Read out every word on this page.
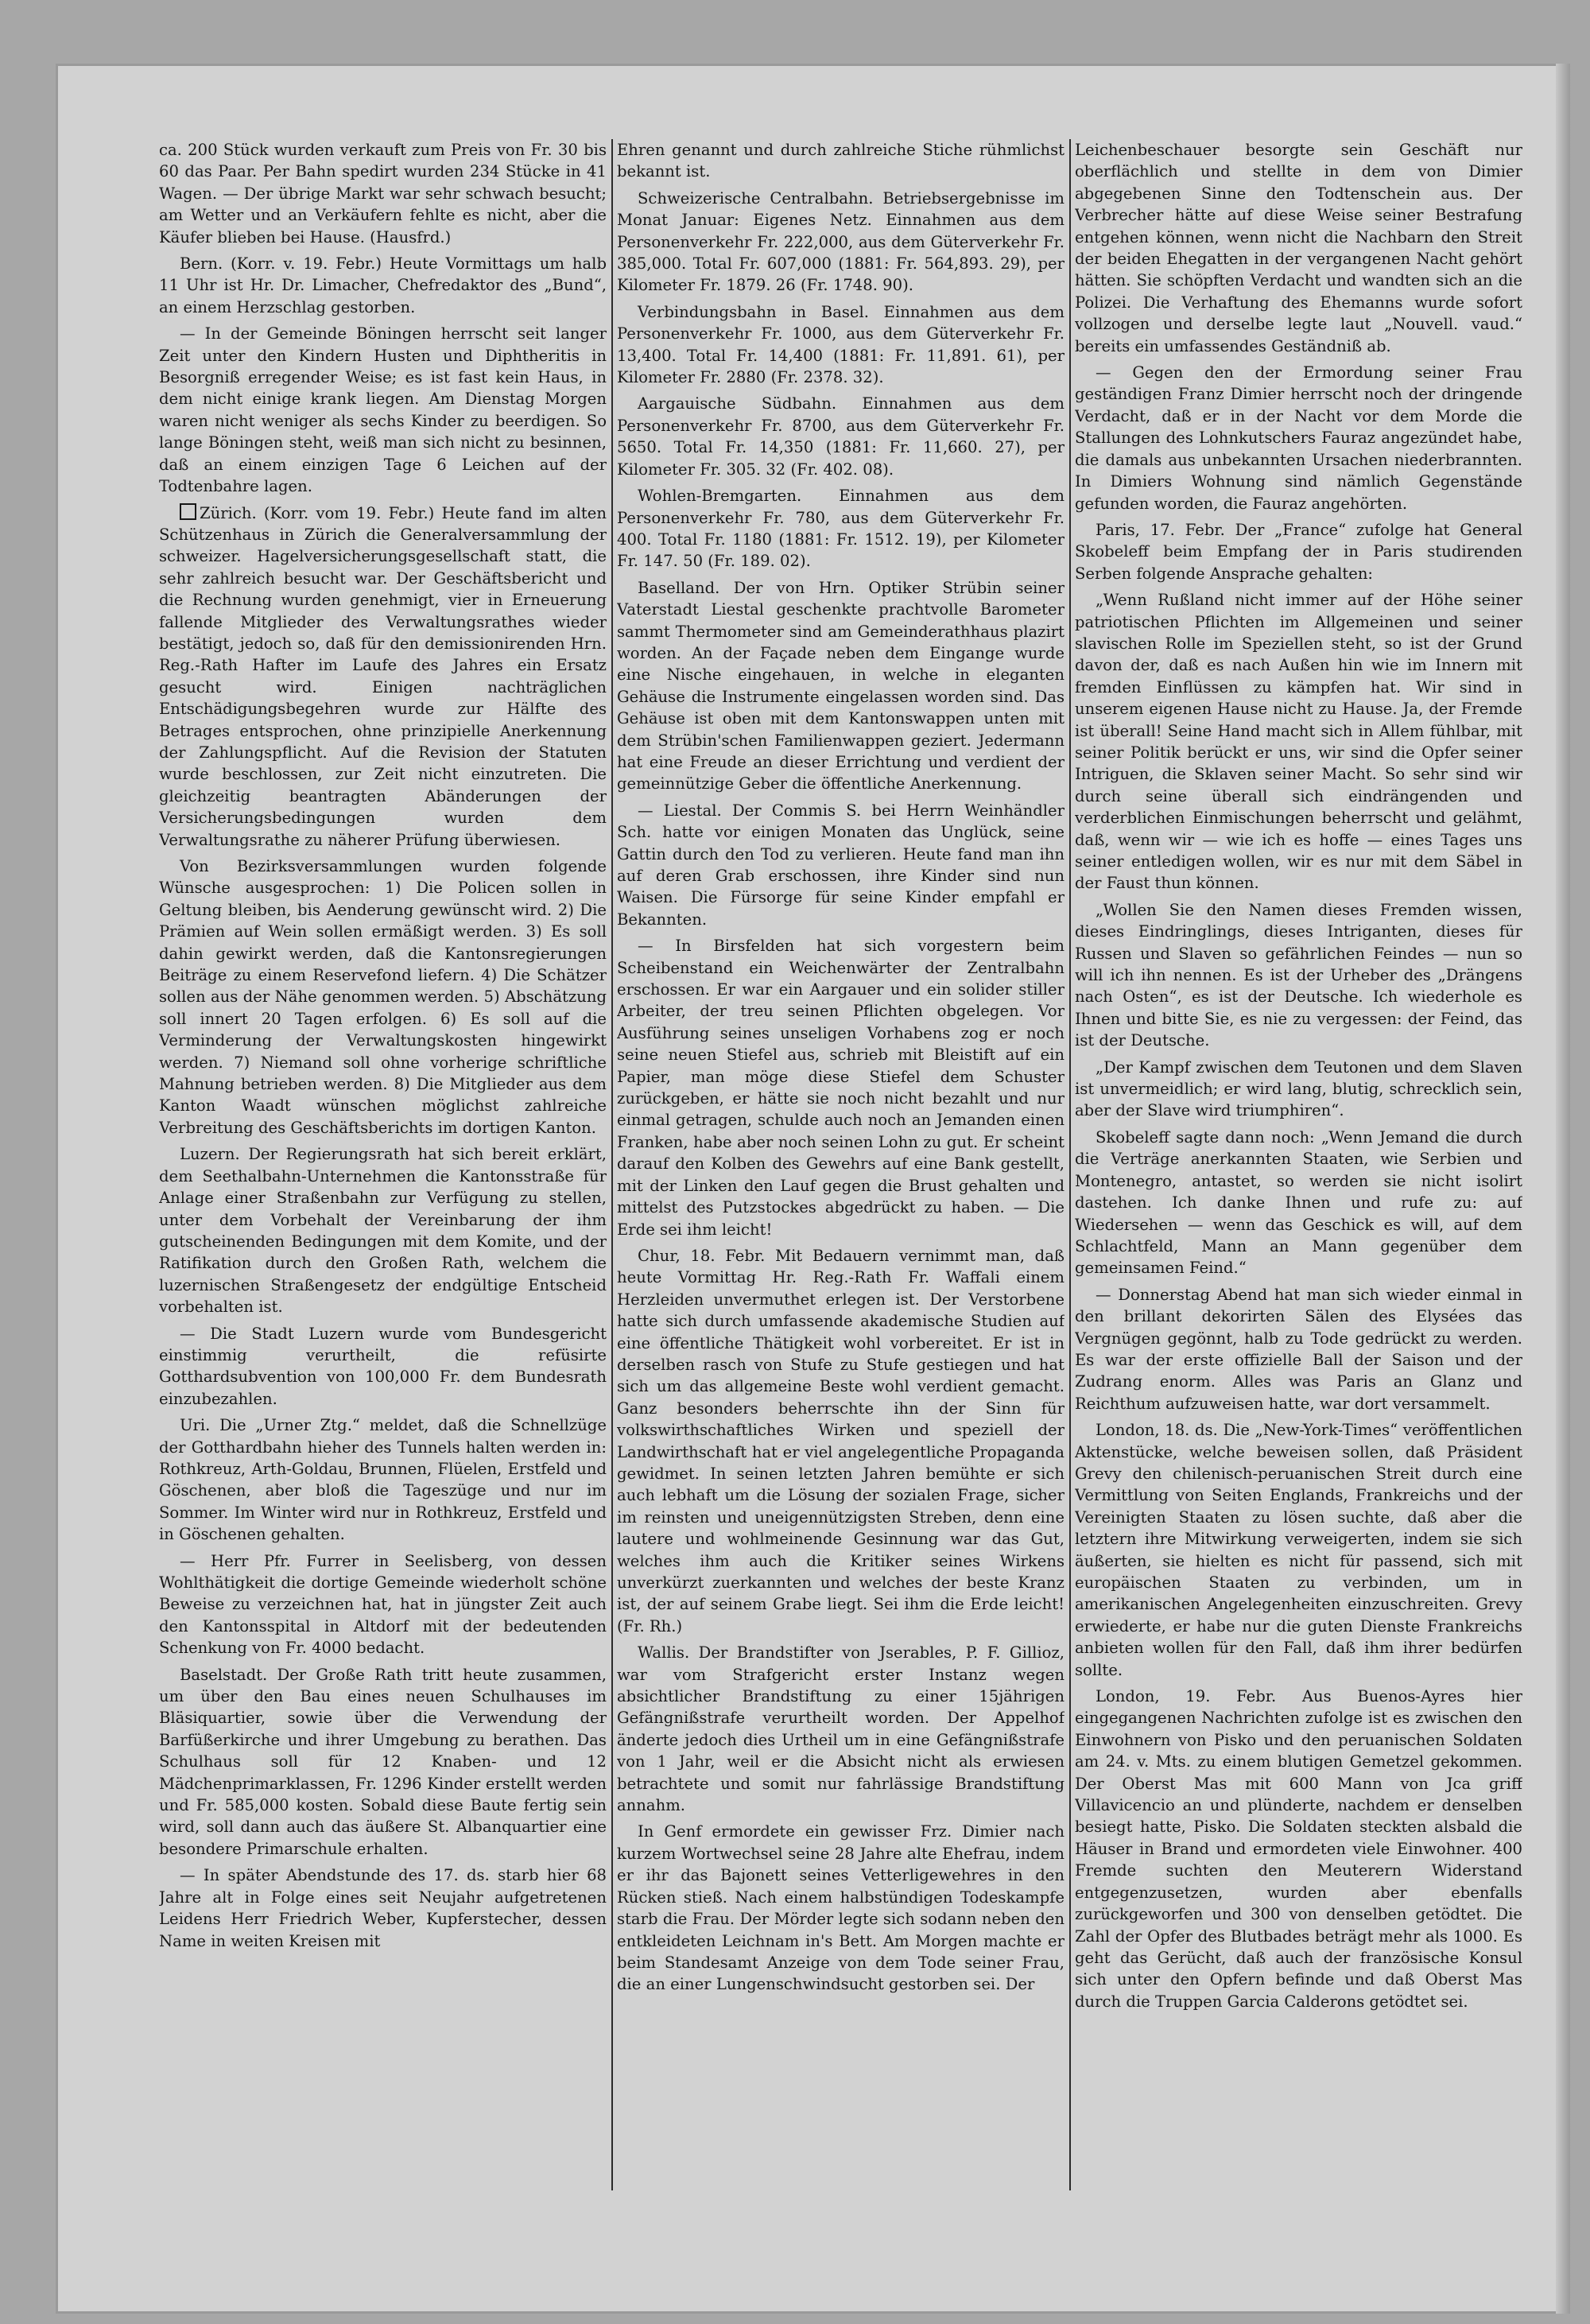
ca. 200 Stück wurden verkauft zum Preis von Fr. 30 bis 60 das Paar. Per Bahn spedirt wurden 234 Stücke in 41 Wagen. — Der übrige Markt war sehr schwach besucht; am Wetter und an Verkäufern fehlte es nicht, aber die Käufer blieben bei Hause. (Hausfrd.)

Bern. (Korr. v. 19. Febr.) Heute Vormittags um halb 11 Uhr ist Hr. Dr. Limacher, Chefredaktor des „Bund“, an einem Herzschlag gestorben.

— In der Gemeinde Böningen herrscht seit langer Zeit unter den Kindern Husten und Diphtheritis in Besorgniß erregender Weise; es ist fast kein Haus, in dem nicht einige krank liegen. Am Dienstag Morgen waren nicht weniger als sechs Kinder zu beerdigen. So lange Böningen steht, weiß man sich nicht zu besinnen, daß an einem einzigen Tage 6 Leichen auf der Todtenbahre lagen.

Zürich. (Korr. vom 19. Febr.) Heute fand im alten Schützenhaus in Zürich die Generalversammlung der schweizer. Hagelversicherungsgesellschaft statt, die sehr zahlreich besucht war. Der Geschäftsbericht und die Rechnung wurden genehmigt, vier in Erneuerung fallende Mitglieder des Verwaltungsrathes wieder bestätigt, jedoch so, daß für den demissionirenden Hrn. Reg.-Rath Hafter im Laufe des Jahres ein Ersatz gesucht wird. Einigen nachträglichen Entschädigungsbegehren wurde zur Hälfte des Betrages entsprochen, ohne prinzipielle Anerkennung der Zahlungspflicht. Auf die Revision der Statuten wurde beschlossen, zur Zeit nicht einzutreten. Die gleichzeitig beantragten Abänderungen der Versicherungsbedingungen wurden dem Verwaltungsrathe zu näherer Prüfung überwiesen.

Von Bezirksversammlungen wurden folgende Wünsche ausgesprochen: 1) Die Policen sollen in Geltung bleiben, bis Aenderung gewünscht wird. 2) Die Prämien auf Wein sollen ermäßigt werden. 3) Es soll dahin gewirkt werden, daß die Kantonsregierungen Beiträge zu einem Reservefond liefern. 4) Die Schätzer sollen aus der Nähe genommen werden. 5) Abschätzung soll innert 20 Tagen erfolgen. 6) Es soll auf die Verminderung der Verwaltungskosten hingewirkt werden. 7) Niemand soll ohne vorherige schriftliche Mahnung betrieben werden. 8) Die Mitglieder aus dem Kanton Waadt wünschen möglichst zahlreiche Verbreitung des Geschäftsberichts im dortigen Kanton.

Luzern. Der Regierungsrath hat sich bereit erklärt, dem Seethalbahn-Unternehmen die Kantonsstraße für Anlage einer Straßenbahn zur Verfügung zu stellen, unter dem Vorbehalt der Vereinbarung der ihm gutscheinenden Bedingungen mit dem Komite, und der Ratifikation durch den Großen Rath, welchem die luzernischen Straßengesetz der endgültige Entscheid vorbehalten ist.

— Die Stadt Luzern wurde vom Bundesgericht einstimmig verurtheilt, die refüsirte Gotthardsubvention von 100,000 Fr. dem Bundesrath einzubezahlen.

Uri. Die „Urner Ztg.“ meldet, daß die Schnellzüge der Gotthardbahn hieher des Tunnels halten werden in: Rothkreuz, Arth-Goldau, Brunnen, Flüelen, Erstfeld und Göschenen, aber bloß die Tageszüge und nur im Sommer. Im Winter wird nur in Rothkreuz, Erstfeld und in Göschenen gehalten.

— Herr Pfr. Furrer in Seelisberg, von dessen Wohlthätigkeit die dortige Gemeinde wiederholt schöne Beweise zu verzeichnen hat, hat in jüngster Zeit auch den Kantonsspital in Altdorf mit der bedeutenden Schenkung von Fr. 4000 bedacht.

Baselstadt. Der Große Rath tritt heute zusammen, um über den Bau eines neuen Schulhauses im Bläsiquartier, sowie über die Verwendung der Barfüßerkirche und ihrer Umgebung zu berathen. Das Schulhaus soll für 12 Knaben- und 12 Mädchenprimarklassen, Fr. 1296 Kinder erstellt werden und Fr. 585,000 kosten. Sobald diese Baute fertig sein wird, soll dann auch das äußere St. Albanquartier eine besondere Primarschule erhalten.

— In später Abendstunde des 17. ds. starb hier 68 Jahre alt in Folge eines seit Neujahr aufgetretenen Leidens Herr Friedrich Weber, Kupferstecher, dessen Name in weiten Kreisen mit

Ehren genannt und durch zahlreiche Stiche rühmlichst bekannt ist.

Schweizerische Centralbahn. Betriebsergebnisse im Monat Januar: Eigenes Netz. Einnahmen aus dem Personenverkehr Fr. 222,000, aus dem Güterverkehr Fr. 385,000. Total Fr. 607,000 (1881: Fr. 564,893. 29), per Kilometer Fr. 1879. 26 (Fr. 1748. 90).

Verbindungsbahn in Basel. Einnahmen aus dem Personenverkehr Fr. 1000, aus dem Güterverkehr Fr. 13,400. Total Fr. 14,400 (1881: Fr. 11,891. 61), per Kilometer Fr. 2880 (Fr. 2378. 32).

Aargauische Südbahn. Einnahmen aus dem Personenverkehr Fr. 8700, aus dem Güterverkehr Fr. 5650. Total Fr. 14,350 (1881: Fr. 11,660. 27), per Kilometer Fr. 305. 32 (Fr. 402. 08).

Wohlen-Bremgarten. Einnahmen aus dem Personenverkehr Fr. 780, aus dem Güterverkehr Fr. 400. Total Fr. 1180 (1881: Fr. 1512. 19), per Kilometer Fr. 147. 50 (Fr. 189. 02).

Baselland. Der von Hrn. Optiker Strübin seiner Vaterstadt Liestal geschenkte prachtvolle Barometer sammt Thermometer sind am Gemeinderathhaus plazirt worden. An der Façade neben dem Eingange wurde eine Nische eingehauen, in welche in eleganten Gehäuse die Instrumente eingelassen worden sind. Das Gehäuse ist oben mit dem Kantonswappen unten mit dem Strübin'schen Familienwappen geziert. Jedermann hat eine Freude an dieser Errichtung und verdient der gemeinnützige Geber die öffentliche Anerkennung.

— Liestal. Der Commis S. bei Herrn Weinhändler Sch. hatte vor einigen Monaten das Unglück, seine Gattin durch den Tod zu verlieren. Heute fand man ihn auf deren Grab erschossen, ihre Kinder sind nun Waisen. Die Fürsorge für seine Kinder empfahl er Bekannten.

— In Birsfelden hat sich vorgestern beim Scheibenstand ein Weichenwärter der Zentralbahn erschossen. Er war ein Aargauer und ein solider stiller Arbeiter, der treu seinen Pflichten obgelegen. Vor Ausführung seines unseligen Vorhabens zog er noch seine neuen Stiefel aus, schrieb mit Bleistift auf ein Papier, man möge diese Stiefel dem Schuster zurückgeben, er hätte sie noch nicht bezahlt und nur einmal getragen, schulde auch noch an Jemanden einen Franken, habe aber noch seinen Lohn zu gut. Er scheint darauf den Kolben des Gewehrs auf eine Bank gestellt, mit der Linken den Lauf gegen die Brust gehalten und mittelst des Putzstockes abgedrückt zu haben. — Die Erde sei ihm leicht!

Chur, 18. Febr. Mit Bedauern vernimmt man, daß heute Vormittag Hr. Reg.-Rath Fr. Waffali einem Herzleiden unvermuthet erlegen ist. Der Verstorbene hatte sich durch umfassende akademische Studien auf eine öffentliche Thätigkeit wohl vorbereitet. Er ist in derselben rasch von Stufe zu Stufe gestiegen und hat sich um das allgemeine Beste wohl verdient gemacht. Ganz besonders beherrschte ihn der Sinn für volkswirthschaftliches Wirken und speziell der Landwirthschaft hat er viel angelegentliche Propaganda gewidmet. In seinen letzten Jahren bemühte er sich auch lebhaft um die Lösung der sozialen Frage, sicher im reinsten und uneigennützigsten Streben, denn eine lautere und wohlmeinende Gesinnung war das Gut, welches ihm auch die Kritiker seines Wirkens unverkürzt zuerkannten und welches der beste Kranz ist, der auf seinem Grabe liegt. Sei ihm die Erde leicht! (Fr. Rh.)

Wallis. Der Brandstifter von Jserables, P. F. Gillioz, war vom Strafgericht erster Instanz wegen absichtlicher Brandstiftung zu einer 15jährigen Gefängnißstrafe verurtheilt worden. Der Appelhof änderte jedoch dies Urtheil um in eine Gefängnißstrafe von 1 Jahr, weil er die Absicht nicht als erwiesen betrachtete und somit nur fahrlässige Brandstiftung annahm.

In Genf ermordete ein gewisser Frz. Dimier nach kurzem Wortwechsel seine 28 Jahre alte Ehefrau, indem er ihr das Bajonett seines Vetterligewehres in den Rücken stieß. Nach einem halbstündigen Todeskampfe starb die Frau. Der Mörder legte sich sodann neben den entkleideten Leichnam in's Bett. Am Morgen machte er beim Standesamt Anzeige von dem Tode seiner Frau, die an einer Lungenschwindsucht gestorben sei. Der

Leichenbeschauer besorgte sein Geschäft nur oberflächlich und stellte in dem von Dimier abgegebenen Sinne den Todtenschein aus. Der Verbrecher hätte auf diese Weise seiner Bestrafung entgehen können, wenn nicht die Nachbarn den Streit der beiden Ehegatten in der vergangenen Nacht gehört hätten. Sie schöpften Verdacht und wandten sich an die Polizei. Die Verhaftung des Ehemanns wurde sofort vollzogen und derselbe legte laut „Nouvell. vaud.“ bereits ein umfassendes Geständniß ab.

— Gegen den der Ermordung seiner Frau geständigen Franz Dimier herrscht noch der dringende Verdacht, daß er in der Nacht vor dem Morde die Stallungen des Lohnkutschers Fauraz angezündet habe, die damals aus unbekannten Ursachen niederbrannten. In Dimiers Wohnung sind nämlich Gegenstände gefunden worden, die Fauraz angehörten.

Paris, 17. Febr. Der „France“ zufolge hat General Skobeleff beim Empfang der in Paris studirenden Serben folgende Ansprache gehalten:

„Wenn Rußland nicht immer auf der Höhe seiner patriotischen Pflichten im Allgemeinen und seiner slavischen Rolle im Speziellen steht, so ist der Grund davon der, daß es nach Außen hin wie im Innern mit fremden Einflüssen zu kämpfen hat. Wir sind in unserem eigenen Hause nicht zu Hause. Ja, der Fremde ist überall! Seine Hand macht sich in Allem fühlbar, mit seiner Politik berückt er uns, wir sind die Opfer seiner Intriguen, die Sklaven seiner Macht. So sehr sind wir durch seine überall sich eindrängenden und verderblichen Einmischungen beherrscht und gelähmt, daß, wenn wir — wie ich es hoffe — eines Tages uns seiner entledigen wollen, wir es nur mit dem Säbel in der Faust thun können.

„Wollen Sie den Namen dieses Fremden wissen, dieses Eindringlings, dieses Intriganten, dieses für Russen und Slaven so gefährlichen Feindes — nun so will ich ihn nennen. Es ist der Urheber des „Drängens nach Osten“, es ist der Deutsche. Ich wiederhole es Ihnen und bitte Sie, es nie zu vergessen: der Feind, das ist der Deutsche.

„Der Kampf zwischen dem Teutonen und dem Slaven ist unvermeidlich; er wird lang, blutig, schrecklich sein, aber der Slave wird triumphiren“.

Skobeleff sagte dann noch: „Wenn Jemand die durch die Verträge anerkannten Staaten, wie Serbien und Montenegro, antastet, so werden sie nicht isolirt dastehen. Ich danke Ihnen und rufe zu: auf Wiedersehen — wenn das Geschick es will, auf dem Schlachtfeld, Mann an Mann gegenüber dem gemeinsamen Feind.“

— Donnerstag Abend hat man sich wieder einmal in den brillant dekorirten Sälen des Elysées das Vergnügen gegönnt, halb zu Tode gedrückt zu werden. Es war der erste offizielle Ball der Saison und der Zudrang enorm. Alles was Paris an Glanz und Reichthum aufzuweisen hatte, war dort versammelt.

London, 18. ds. Die „New-York-Times“ veröffentlichen Aktenstücke, welche beweisen sollen, daß Präsident Grevy den chilenisch-peruanischen Streit durch eine Vermittlung von Seiten Englands, Frankreichs und der Vereinigten Staaten zu lösen suchte, daß aber die letztern ihre Mitwirkung verweigerten, indem sie sich äußerten, sie hielten es nicht für passend, sich mit europäischen Staaten zu verbinden, um in amerikanischen Angelegenheiten einzuschreiten. Grevy erwiederte, er habe nur die guten Dienste Frankreichs anbieten wollen für den Fall, daß ihm ihrer bedürfen sollte.

London, 19. Febr. Aus Buenos-Ayres hier eingegangenen Nachrichten zufolge ist es zwischen den Einwohnern von Pisko und den peruanischen Soldaten am 24. v. Mts. zu einem blutigen Gemetzel gekommen. Der Oberst Mas mit 600 Mann von Jca griff Villavicencio an und plünderte, nachdem er denselben besiegt hatte, Pisko. Die Soldaten steckten alsbald die Häuser in Brand und ermordeten viele Einwohner. 400 Fremde suchten den Meuterern Widerstand entgegenzusetzen, wurden aber ebenfalls zurückgeworfen und 300 von denselben getödtet. Die Zahl der Opfer des Blutbades beträgt mehr als 1000. Es geht das Gerücht, daß auch der französische Konsul sich unter den Opfern befinde und daß Oberst Mas durch die Truppen Garcia Calderons getödtet sei.
